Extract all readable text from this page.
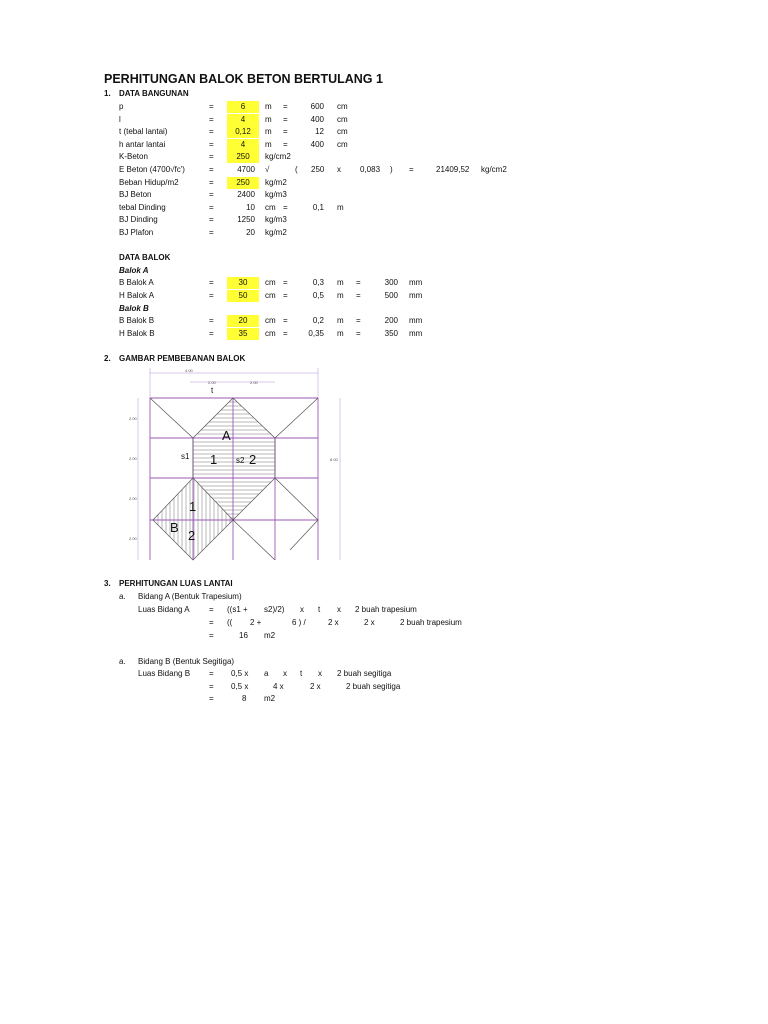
PERHITUNGAN BALOK BETON BERTULANG 1
1. DATA BANGUNAN
p	=	6	m =	600 cm
l	=	4	m =	400 cm
t (tebal lantai)	=	0,12	m =	12 cm
h antar lantai	=	4	m =	400 cm
K-Beton	=	250	kg/cm2
E Beton (4700√fc')	=	4700 √	( 250 x 0,083 ) =	21409,52 kg/cm2
Beban Hidup/m2	=	250	kg/m2
BJ Beton	=	2400 kg/m3
tebal Dinding	=	10 cm =	0,1 m
BJ Dinding	=	1250 kg/m3
BJ Plafon	=	20 kg/m2
DATA BALOK
Balok A
Balok B
B Balok A	=	30	cm =	0,3 m =	300 mm
H Balok A	=	50	cm =	0,5 m =	500 mm
B Balok B	=	20	cm =	0,2 m =	200 mm
H Balok B	=	35	cm =	0,35 m =	350 mm
2. GAMBAR PEMBEBANAN BALOK
4.00
2.00	2.00
2.00
2.00
2.00
2.00
8.00
t
A
s1 1 s2 2
1
B
2
3. PERHITUNGAN LUAS LANTAI
a. Bidang A (Bentuk Trapesium)
Luas Bidang A = ((s1 + s2)/2) x t x 2 buah trapesium
= (( 2 +	6 ) /	2 x	2 x	2 buah trapesium
=	16 m2
a. Bidang B (Bentuk Segitiga)
Luas Bidang B = 0,5 x a x t x 2 buah segitiga
= 0,5 x	4 x	2 x	2 buah segitiga
=	8 m2
